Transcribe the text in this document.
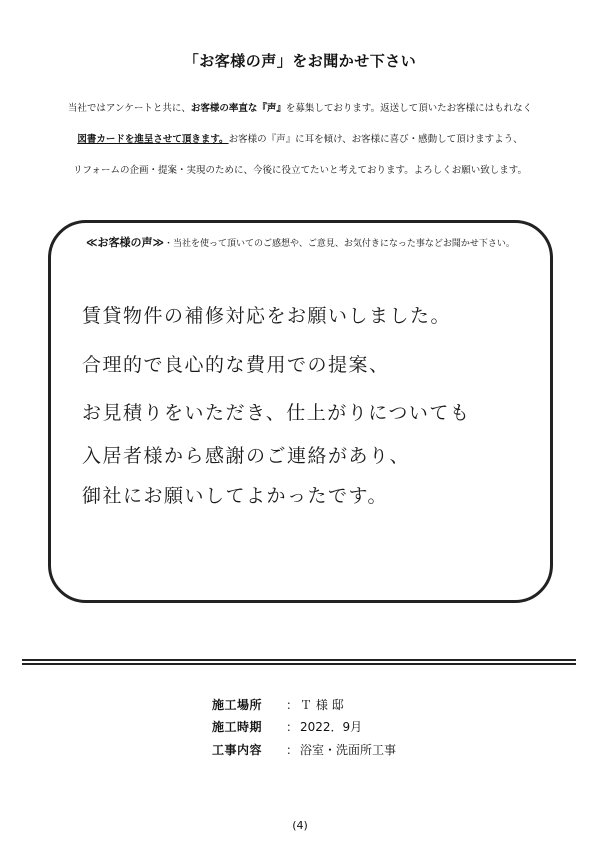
「お客様の声」をお聞かせ下さい
当社ではアンケートと共に、お客様の率直な『声』を募集しております。返送して頂いたお客様にはもれなく
図書カードを進呈させて頂きます。お客様の『声』に耳を傾け、お客様に喜び・感動して頂けますよう、
リフォームの企画・提案・実現のために、今後に役立てたいと考えております。よろしくお願い致します。
≪お客様の声≫・当社を使って頂いてのご感想や、ご意見、お気付きになった事などお聞かせ下さい。
賃貸物件の補修対応をお願いしました。
合理的で良心的な費用での提案、
お見積りをいただき、仕上がりについても
入居者様から感謝のご連絡があり、
御社にお願いしてよかったです。
施工場所 ： Ｔ 様 邸
施工時期 ： 2022．9月
工事内容 ： 浴室・洗面所工事
(4)
